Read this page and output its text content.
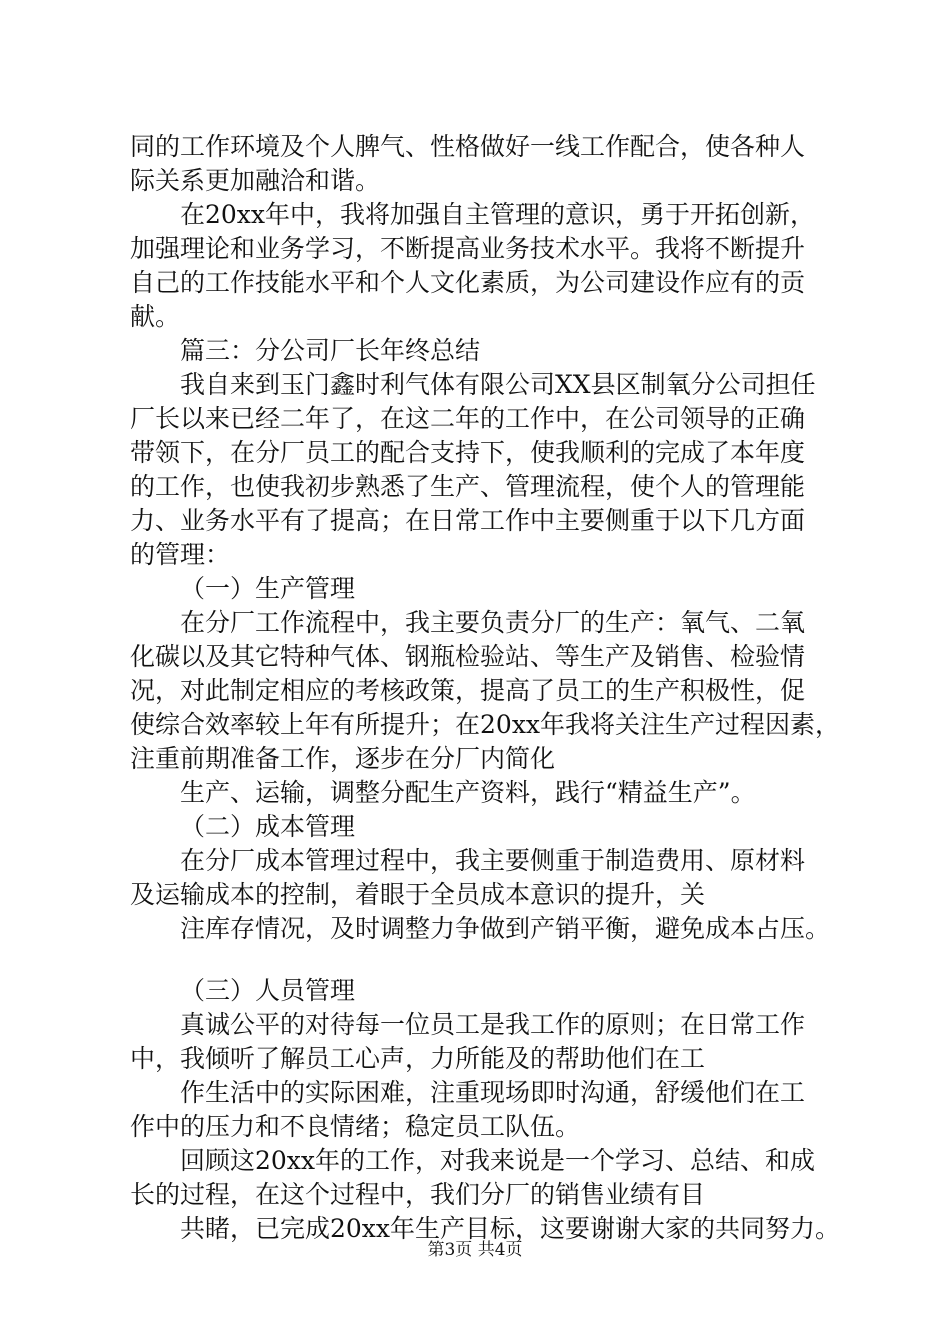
同的工作环境及个人脾气、性格做好一线工作配合，使各种人
际关系更加融洽和谐。
在20xx年中，我将加强自主管理的意识，勇于开拓创新，
加强理论和业务学习，不断提高业务技术水平。我将不断提升
自己的工作技能水平和个人文化素质，为公司建设作应有的贡
献。
篇三：分公司厂长年终总结
我自来到玉门鑫时利气体有限公司XX县区制氧分公司担任
厂长以来已经二年了，在这二年的工作中，在公司领导的正确
带领下，在分厂员工的配合支持下，使我顺利的完成了本年度
的工作，也使我初步熟悉了生产、管理流程，使个人的管理能
力、业务水平有了提高；在日常工作中主要侧重于以下几方面
的管理：
（一）生产管理
在分厂工作流程中，我主要负责分厂的生产：氧气、二氧
化碳以及其它特种气体、钢瓶检验站、等生产及销售、检验情
况，对此制定相应的考核政策，提高了员工的生产积极性，促
使综合效率较上年有所提升；在20xx年我将关注生产过程因素，
注重前期准备工作，逐步在分厂内简化
生产、运输，调整分配生产资料，践行“精益生产”。
（二）成本管理
在分厂成本管理过程中，我主要侧重于制造费用、原材料
及运输成本的控制，着眼于全员成本意识的提升，关
注库存情况，及时调整力争做到产销平衡，避免成本占压。
（三）人员管理
真诚公平的对待每一位员工是我工作的原则；在日常工作
中，我倾听了解员工心声，力所能及的帮助他们在工
作生活中的实际困难，注重现场即时沟通，舒缓他们在工
作中的压力和不良情绪；稳定员工队伍。
回顾这20xx年的工作，对我来说是一个学习、总结、和成
长的过程，在这个过程中，我们分厂的销售业绩有目
共睹，已完成20xx年生产目标，这要谢谢大家的共同努力。
第3页 共4页
